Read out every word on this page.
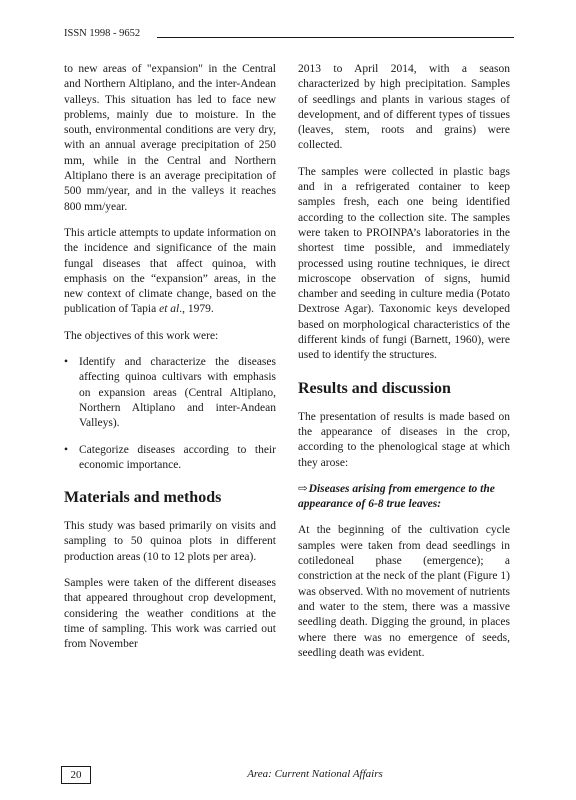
ISSN 1998 - 9652

to new areas of "expansion" in the Central and Northern Altiplano, and the inter-Andean valleys. This situation has led to face new problems, mainly due to moisture. In the south, environmental conditions are very dry, with an annual average precipitation of 250 mm, while in the Central and Northern Altiplano there is an average precipitation of 500 mm/year, and in the valleys it reaches 800 mm/year.

This article attempts to update information on the incidence and significance of the main fungal diseases that affect quinoa, with emphasis on the “expansion” areas, in the new context of climate change, based on the publication of Tapia et al., 1979.

The objectives of this work were:

• Identify and characterize the diseases affecting quinoa cultivars with emphasis on expansion areas (Central Altiplano, Northern Altiplano and inter-Andean Valleys).
• Categorize diseases according to their economic importance.
Materials and methods

This study was based primarily on visits and sampling to 50 quinoa plots in different production areas (10 to 12 plots per area).

Samples were taken of the different diseases that appeared throughout crop development, considering the weather conditions at the time of sampling. This work was carried out from November

2013 to April 2014, with a season characterized by high precipitation. Samples of seedlings and plants in various stages of development, and of different types of tissues (leaves, stem, roots and grains) were collected.

The samples were collected in plastic bags and in a refrigerated container to keep samples fresh, each one being identified according to the collection site. The samples were taken to PROINPA’s laboratories in the shortest time possible, and immediately processed using routine techniques, ie direct microscope observation of signs, humid chamber and seeding in culture media (Potato Dextrose Agar). Taxonomic keys developed based on morphological characteristics of the different kinds of fungi (Barnett, 1960), were used to identify the structures.

Results and discussion

The presentation of results is made based on the appearance of diseases in the crop, according to the phenological stage at which they arose:

⇨Diseases arising from emergence to the appearance of 6-8 true leaves:

At the beginning of the cultivation cycle samples were taken from dead seedlings in cotiledoneal phase (emergence); a constriction at the neck of the plant (Figure 1) was observed. With no movement of nutrients and water to the stem, there was a massive seedling death. Digging the ground, in places where there was no emergence of seeds, seedling death was evident.

20	Area: Current National Affairs
